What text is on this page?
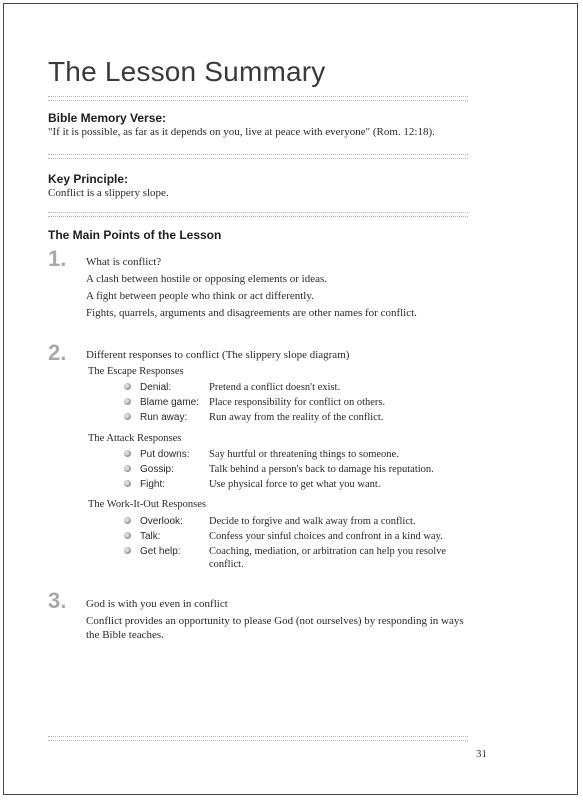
The Lesson Summary
Bible Memory Verse:
"If it is possible, as far as it depends on you, live at peace with everyone" (Rom. 12:18).
Key Principle:
Conflict is a slippery slope.
The Main Points of the Lesson
1. What is conflict?
A clash between hostile or opposing elements or ideas.
A fight between people who think or act differently.
Fights, quarrels, arguments and disagreements are other names for conflict.
2. Different responses to conflict (The slippery slope diagram)
The Escape Responses
Denial:	Pretend a conflict doesn't exist.
Blame game: Place responsibility for conflict on others.
Run away: Run away from the reality of the conflict.
The Attack Responses
Put downs: Say hurtful or threatening things to someone.
Gossip:	Talk behind a person's back to damage his reputation.
Fight:	Use physical force to get what you want.
The Work-It-Out Responses
Overlook: Decide to forgive and walk away from a conflict.
Talk:	Confess your sinful choices and confront in a kind way.
Get help:	Coaching, mediation, or arbitration can help you resolve conflict.
3. God is with you even in conflict
Conflict provides an opportunity to please God (not ourselves) by responding in ways the Bible teaches.
31
